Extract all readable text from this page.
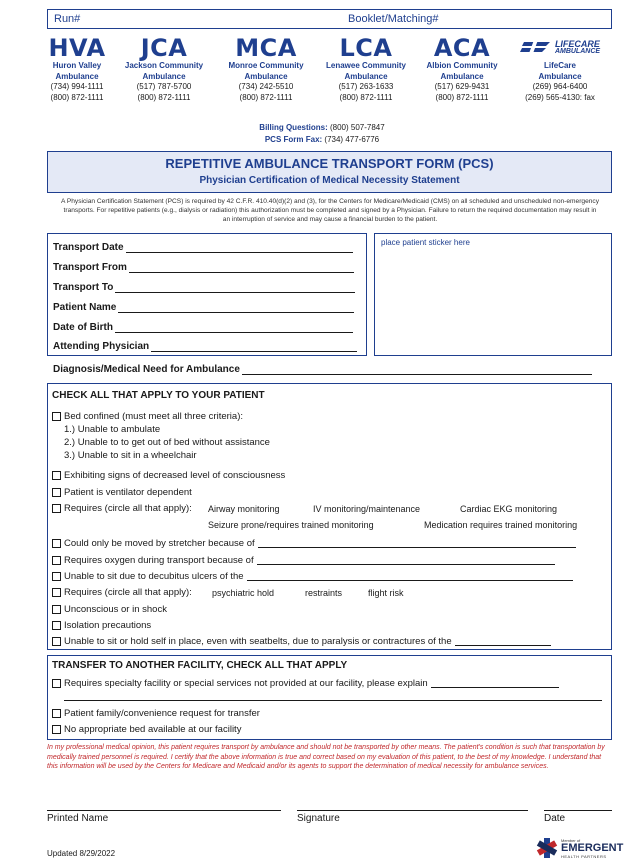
Run#	Booklet/Matching#
HVA
Huron Valley
Ambulance
(734) 994-1111
(800) 872-1111
JCA
Jackson Community
Ambulance
(517) 787-5700
(800) 872-1111
MCA
Monroe Community
Ambulance
(734) 242-5510
(800) 872-1111
LCA
Lenawee Community
Ambulance
(517) 263-1633
(800) 872-1111
ACA
Albion Community
Ambulance
(517) 629-9431
(800) 872-1111
LIFECARE
AMBULANCE
LifeCare
Ambulance
(269) 964-6400
(269) 565-4130: fax
Billing Questions: (800) 507-7847
PCS Form Fax: (734) 477-6776
REPETITIVE AMBULANCE TRANSPORT FORM (PCS)
Physician Certification of Medical Necessity Statement
A Physician Certification Statement (PCS) is required by 42 C.F.R. 410.40(d)(2) and (3), for the Centers for Medicare/Medicaid (CMS) on all scheduled and unscheduled non-emergency transports. For repetitive patients (e.g., dialysis or radiation) this authorization must be completed and signed by a Physician. Failure to return the required documentation may result in an interruption of service and may cause a financial burden to the patient.
Transport Date
Transport From
Transport To
Patient Name
Date of Birth
Attending Physician
place patient sticker here
Diagnosis/Medical Need for Ambulance
CHECK ALL THAT APPLY TO YOUR PATIENT
Bed confined (must meet all three criteria):
1.) Unable to ambulate
2.) Unable to to get out of bed without assistance
3.) Unable to sit in a wheelchair
Exhibiting signs of decreased level of consciousness
Patient is ventilator dependent
Requires (circle all that apply): Airway monitoring	IV monitoring/maintenance	Cardiac EKG monitoring
Seizure prone/requires trained monitoring	Medication requires trained monitoring
Could only be moved by stretcher because of
Requires oxygen during transport because of
Unable to sit due to decubitus ulcers of the
Requires (circle all that apply): psychiatric hold	restraints	flight risk
Unconscious or in shock
Isolation precautions
Unable to sit or hold self in place, even with seatbelts, due to paralysis or contractures of the
TRANSFER TO ANOTHER FACILITY, CHECK ALL THAT APPLY
Requires specialty facility or special services not provided at our facility, please explain
Patient family/convenience request for transfer
No appropriate bed available at our facility
In my professional medical opinion, this patient requires transport by ambulance and should not be transported by other means. The patient's condition is such that transportation by medically trained personnel is required. I certify that the above information is true and correct based on my evaluation of this patient, to the best of my knowledge. I understand that this information will be used by the Centers for Medicare and Medicaid and/or its agents to support the determination of medical necessity for ambulance services.
Printed Name	Signature	Date
Updated 8/29/2022
Member of
EMERGENT
HEALTH PARTNERS
